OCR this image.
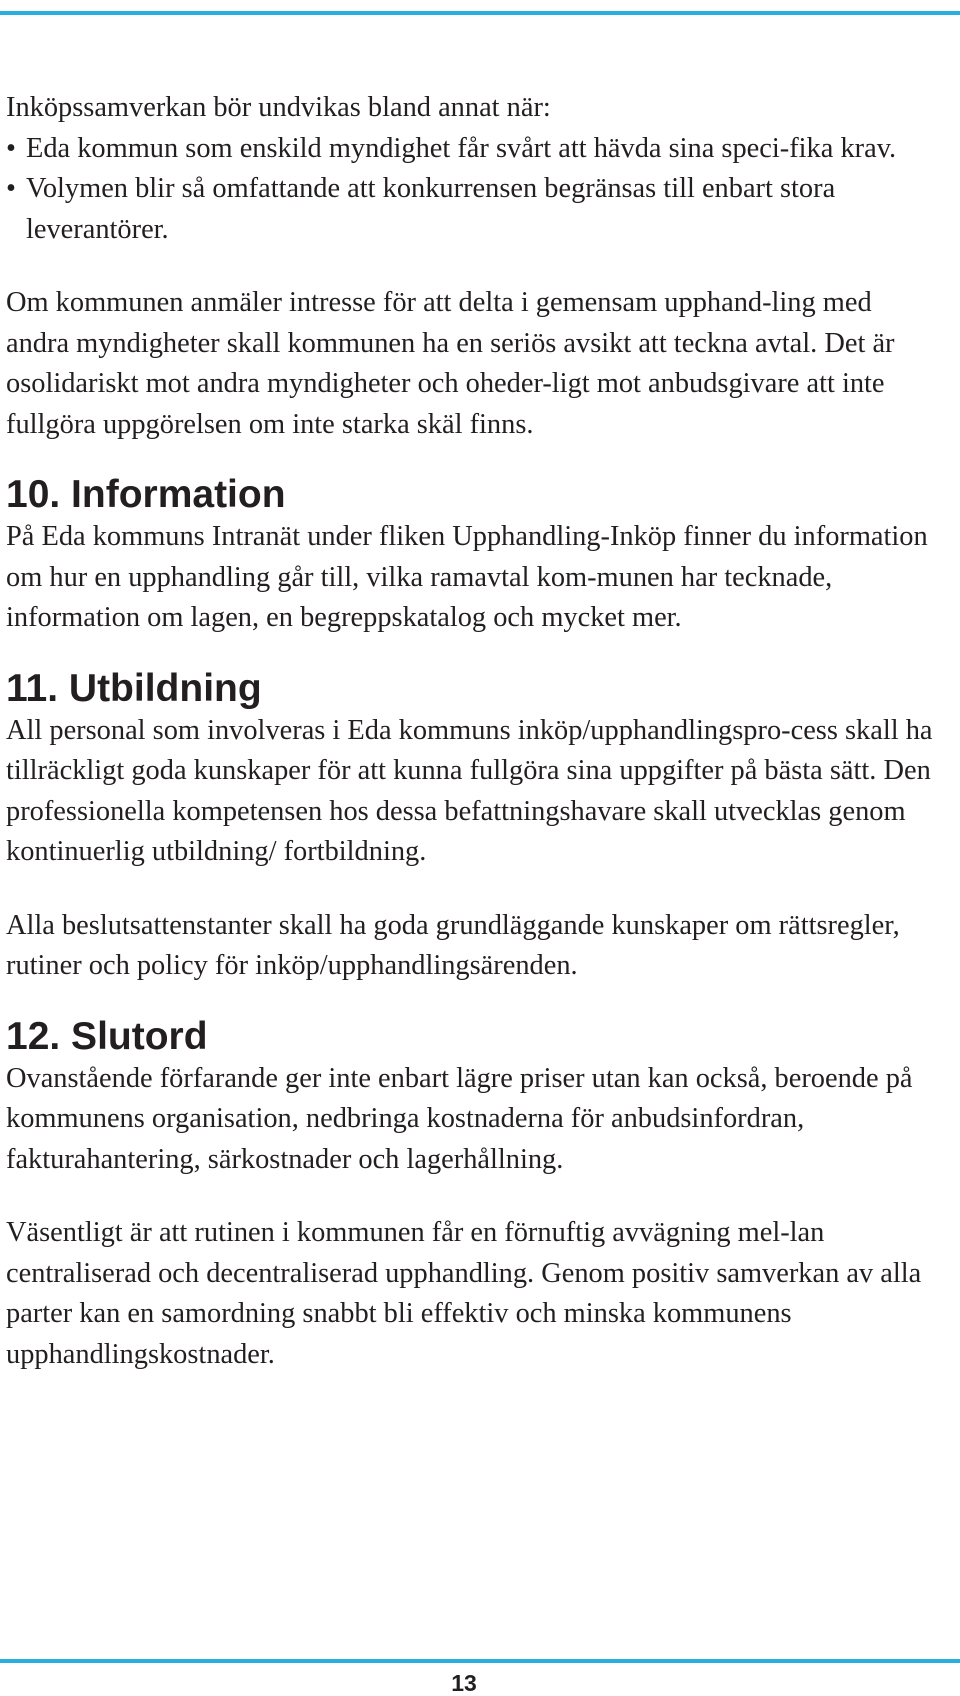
Inköpssamverkan bör undvikas bland annat när:

• Eda kommun som enskild myndighet får svårt att hävda sina speci-fika krav.
• Volymen blir så omfattande att konkurrensen begränsas till enbart stora leverantörer.

Om kommunen anmäler intresse för att delta i gemensam upphand-ling med andra myndigheter skall kommunen ha en seriös avsikt att teckna avtal. Det är osolidariskt mot andra myndigheter och oheder-ligt mot anbudsgivare att inte fullgöra uppgörelsen om inte starka skäl finns.

10. Information

På Eda kommuns Intranät under fliken Upphandling-Inköp finner du information om hur en upphandling går till, vilka ramavtal kom-munen har tecknade, information om lagen, en begreppskatalog och mycket mer.

11. Utbildning

All personal som involveras i Eda kommuns inköp/upphandlingspro-cess skall ha tillräckligt goda kunskaper för att kunna fullgöra sina uppgifter på bästa sätt. Den professionella kompetensen hos dessa befattningshavare skall utvecklas genom kontinuerlig utbildning/ fortbildning.

Alla beslutsattenstanter skall ha goda grundläggande kunskaper om rättsregler, rutiner och policy för inköp/upphandlingsärenden.

12. Slutord

Ovanstående förfarande ger inte enbart lägre priser utan kan också, beroende på kommunens organisation, nedbringa kostnaderna för anbudsinfordran, fakturahantering, särkostnader och lagerhållning.

Väsentligt är att rutinen i kommunen får en förnuftig avvägning mel-lan centraliserad och decentraliserad upphandling. Genom positiv samverkan av alla parter kan en samordning snabbt bli effektiv och minska kommunens upphandlingskostnader.

13
